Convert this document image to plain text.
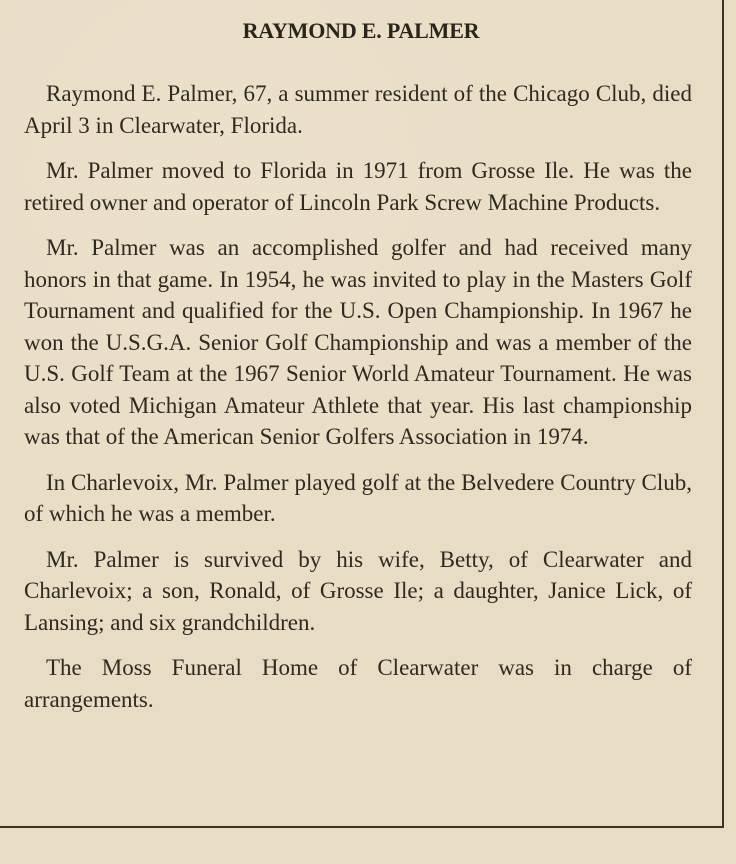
RAYMOND E. PALMER

Raymond E. Palmer, 67, a summer resident of the Chicago Club, died April 3 in Clearwater, Florida.

Mr. Palmer moved to Florida in 1971 from Grosse Ile. He was the retired owner and operator of Lincoln Park Screw Machine Products.

Mr. Palmer was an accomplished golfer and had received many honors in that game. In 1954, he was invited to play in the Masters Golf Tournament and qualified for the U.S. Open Championship. In 1967 he won the U.S.G.A. Senior Golf Championship and was a member of the U.S. Golf Team at the 1967 Senior World Amateur Tournament. He was also voted Michigan Amateur Athlete that year. His last championship was that of the American Senior Golfers Association in 1974.

In Charlevoix, Mr. Palmer played golf at the Belvedere Country Club, of which he was a member.

Mr. Palmer is survived by his wife, Betty, of Clearwater and Charlevoix; a son, Ronald, of Grosse Ile; a daughter, Janice Lick, of Lansing; and six grandchildren.

The Moss Funeral Home of Clearwater was in charge of arrangements.
